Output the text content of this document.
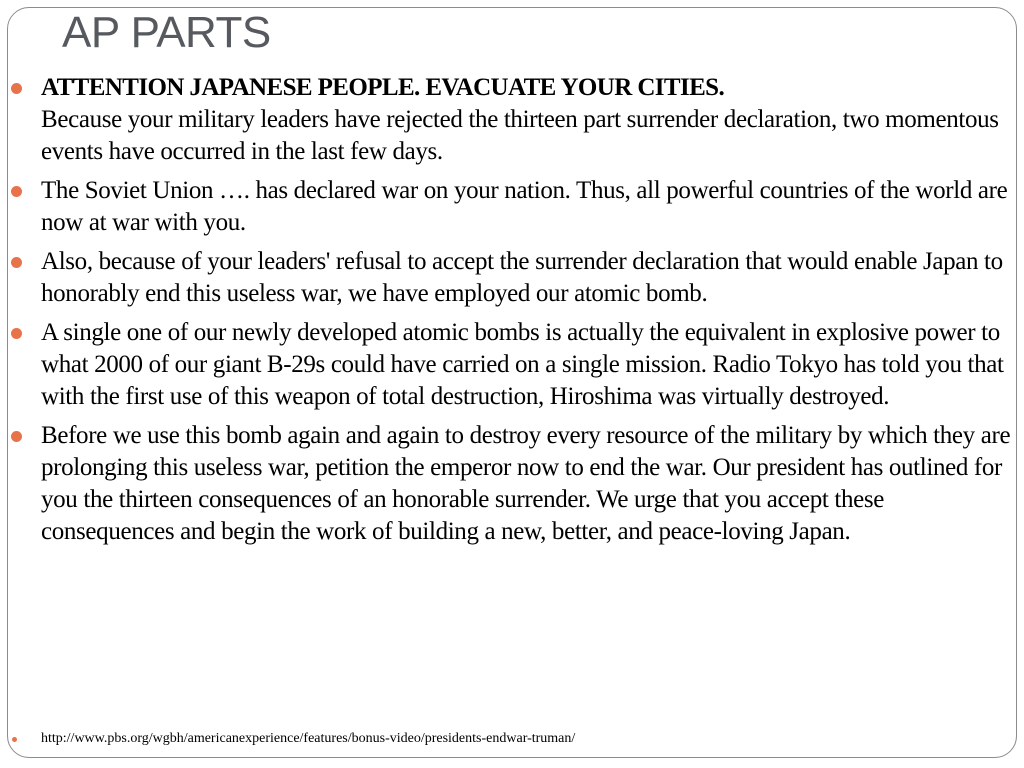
AP PARTS
ATTENTION JAPANESE PEOPLE. EVACUATE YOUR CITIES.
Because your military leaders have rejected the thirteen part surrender declaration, two momentous events have occurred in the last few days.
The Soviet Union …. has declared war on your nation. Thus, all powerful countries of the world are now at war with you.
Also, because of your leaders' refusal to accept the surrender declaration that would enable Japan to honorably end this useless war, we have employed our atomic bomb.
A single one of our newly developed atomic bombs is actually the equivalent in explosive power to what 2000 of our giant B-29s could have carried on a single mission. Radio Tokyo has told you that with the first use of this weapon of total destruction, Hiroshima was virtually destroyed.
Before we use this bomb again and again to destroy every resource of the military by which they are prolonging this useless war, petition the emperor now to end the war. Our president has outlined for you the thirteen consequences of an honorable surrender. We urge that you accept these consequences and begin the work of building a new, better, and peace-loving Japan.
http://www.pbs.org/wgbh/americanexperience/features/bonus-video/presidents-endwar-truman/
